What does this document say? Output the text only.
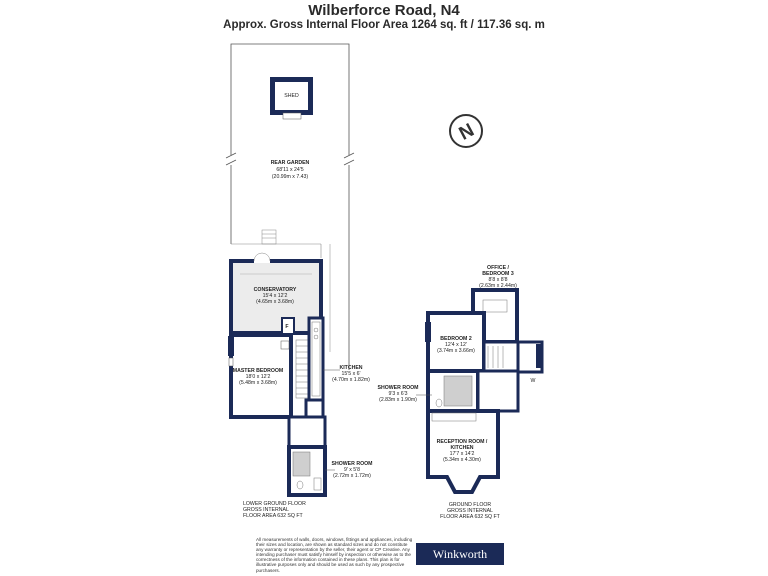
Wilberforce Road, N4
Approx. Gross Internal Floor Area 1264 sq. ft / 117.36 sq. m
SHED
REAR GARDEN
68'11 x 24'5
(20.99m x 7.43)
N
F
CONSERVATORY
15'4 x 12'2
(4.65m x 3.68m)
MASTER BEDROOM
18'0 x 12'2
(5.48m x 3.68m)
KITCHEN
15'5 x 6'
(4.70m x 1.82m)
SHOWER ROOM
9' x 5'8
(2.72m x 1.72m)
LOWER GROUND FLOOR
GROSS INTERNAL
FLOOR AREA 632 SQ FT
W
OFFICE /
BEDROOM 3
8'8 x 8'8
(2.63m x 2.44m)
BEDROOM 2
12'4 x 12'
(3.74m x 3.66m)
SHOWER ROOM
9'3 x 6'3
(2.83m x 1.90m)
RECEPTION ROOM /
KITCHEN
17'7 x 14'2
(5.34m x 4.30m)
GROUND FLOOR
GROSS INTERNAL
FLOOR AREA 632 SQ FT
All measurements of walls, doors, windows, fittings and appliances, including their sizes and location, are shown as standard sizes and do not constitute any warranty or representation by the seller, their agent or CP Creative. Any intending purchaser must satisfy himself by inspection or otherwise as to the correctness of the information contained in these plans. This plan is for illustrative purposes only and should be used as such by any prospective purchasers.
Winkworth
